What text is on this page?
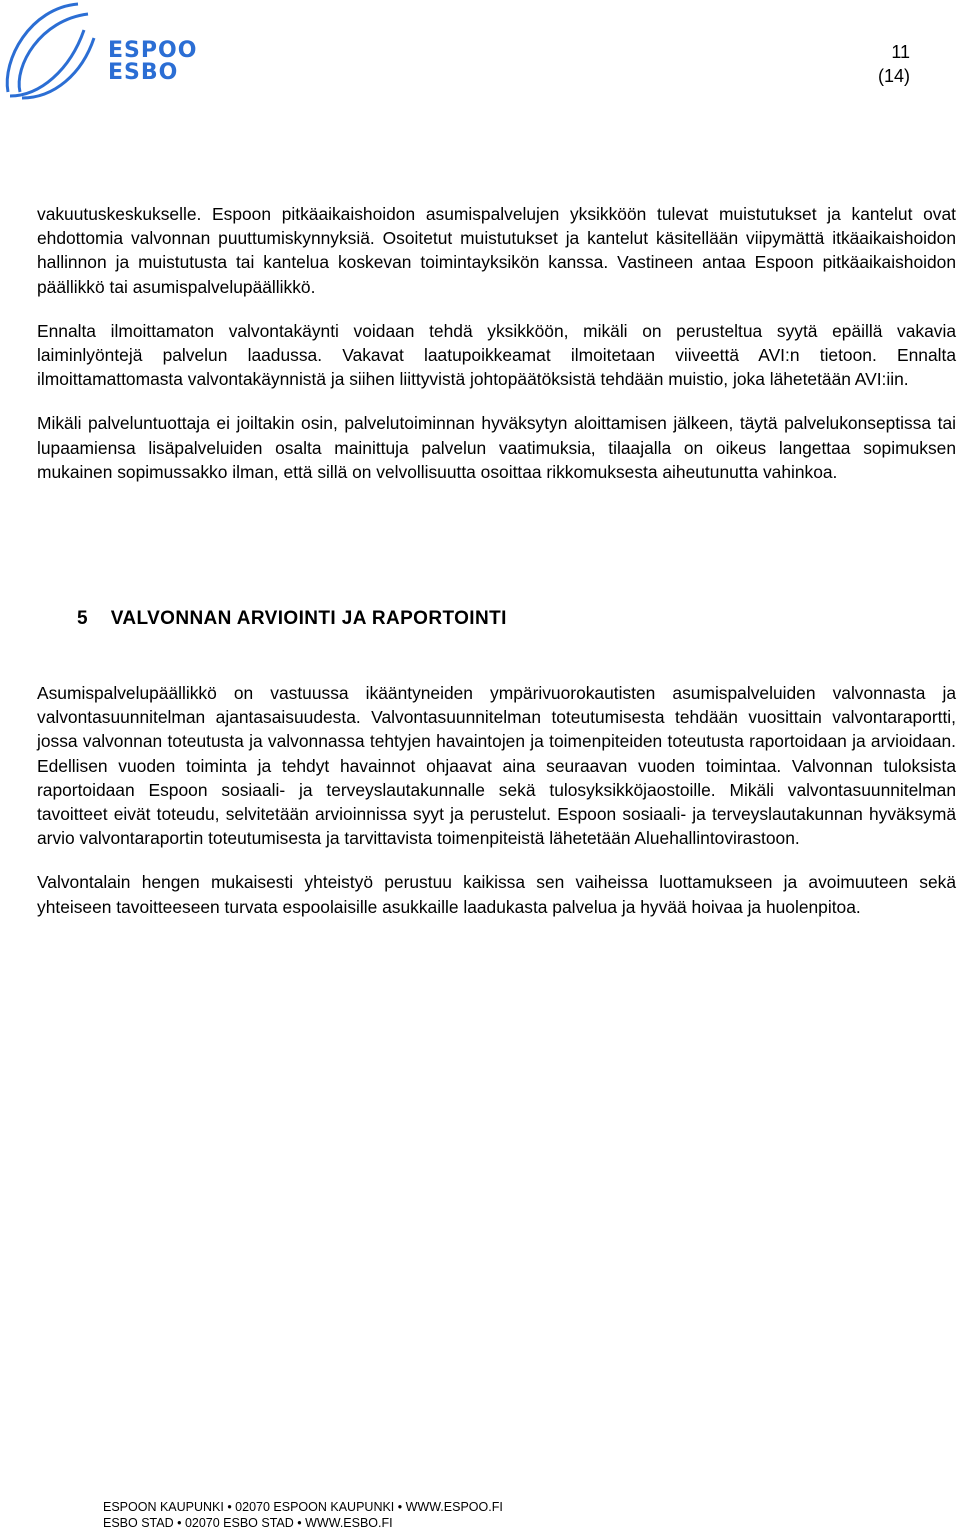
ESPOO
ESBO
11
(14)

vakuutuskeskukselle. Espoon pitkäaikaishoidon asumispalvelujen yksikköön tulevat muistutukset ja kantelut ovat ehdottomia valvonnan puuttumiskynnyksiä. Osoitetut muistutukset ja kantelut käsitellään viipymättä itkäaikaishoidon hallinnon ja muistutusta tai kantelua koskevan toimintayksikön kanssa. Vastineen antaa Espoon pitkäaikaishoidon päällikkö tai asumispalvelupäällikkö.

Ennalta ilmoittamaton valvontakäynti voidaan tehdä yksikköön, mikäli on perusteltua syytä epäillä vakavia laiminlyöntejä palvelun laadussa. Vakavat laatupoikkeamat ilmoitetaan viiveettä AVI:n tietoon. Ennalta ilmoittamattomasta valvontakäynnistä ja siihen liittyvistä johtopäätöksistä tehdään muistio, joka lähetetään AVI:iin.

Mikäli palveluntuottaja ei joiltakin osin, palvelutoiminnan hyväksytyn aloittamisen jälkeen, täytä palvelukonseptissa tai lupaamiensa lisäpalveluiden osalta mainittuja palvelun vaatimuksia, tilaajalla on oikeus langettaa sopimuksen mukainen sopimussakko ilman, että sillä on velvollisuutta osoittaa rikkomuksesta aiheutunutta vahinkoa.

5 VALVONNAN ARVIOINTI JA RAPORTOINTI

Asumispalvelupäällikkö on vastuussa ikääntyneiden ympärivuorokautisten asumispalveluiden valvonnasta ja valvontasuunnitelman ajantasaisuudesta. Valvontasuunnitelman toteutumisesta tehdään vuosittain valvontaraportti, jossa valvonnan toteutusta ja valvonnassa tehtyjen havaintojen ja toimenpiteiden toteutusta raportoidaan ja arvioidaan. Edellisen vuoden toiminta ja tehdyt havainnot ohjaavat aina seuraavan vuoden toimintaa. Valvonnan tuloksista raportoidaan Espoon sosiaali- ja terveyslautakunnalle sekä tulosyksikköjaostoille. Mikäli valvontasuunnitelman tavoitteet eivät toteudu, selvitetään arvioinnissa syyt ja perustelut. Espoon sosiaali- ja terveyslautakunnan hyväksymä arvio valvontaraportin toteutumisesta ja tarvittavista toimenpiteistä lähetetään Aluehallintovirastoon.

Valvontalain hengen mukaisesti yhteistyö perustuu kaikissa sen vaiheissa luottamukseen ja avoimuuteen sekä yhteiseen tavoitteeseen turvata espoolaisille asukkaille laadukasta palvelua ja hyvää hoivaa ja huolenpitoa.

ESPOON KAUPUNKI • 02070 ESPOON KAUPUNKI • WWW.ESPOO.FI
ESBO STAD • 02070 ESBO STAD • WWW.ESBO.FI
